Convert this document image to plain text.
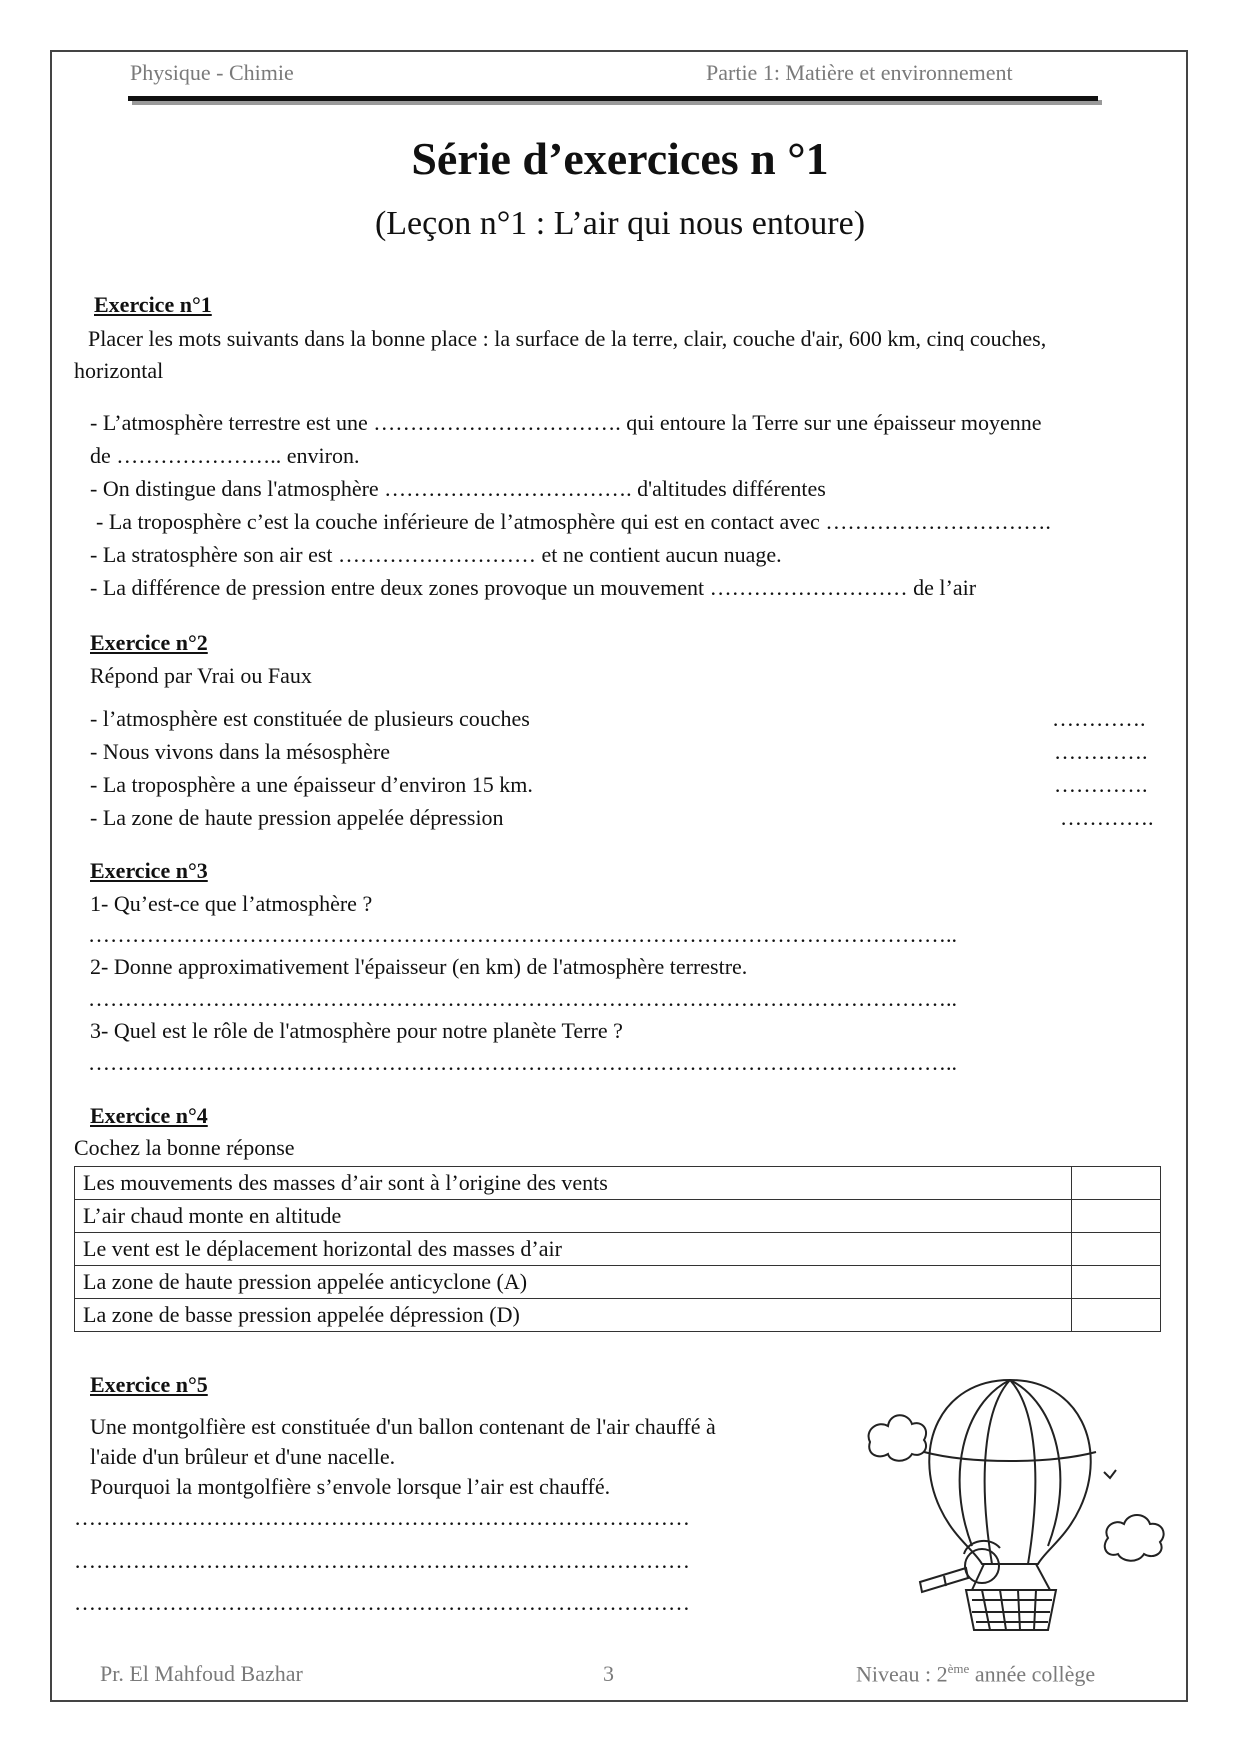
Physique - Chimie	Partie 1: Matière et environnement
Série d’exercices n °1
(Leçon n°1 : L’air qui nous entoure)
Exercice n°1
Placer les mots suivants dans la bonne place : la surface de la terre, clair, couche d'air, 600 km, cinq couches,
horizontal
- L’atmosphère terrestre est une ……………………………. qui entoure la Terre sur une épaisseur moyenne
de ………………….. environ.
- On distingue dans l'atmosphère ……………………………. d'altitudes différentes
- La troposphère c’est la couche inférieure de l’atmosphère qui est en contact avec ………………………….
- La stratosphère son air est ……………………… et ne contient aucun nuage.
- La différence de pression entre deux zones provoque un mouvement ……………………… de l’air
Exercice n°2
Répond par Vrai ou Faux
- l’atmosphère est constituée de plusieurs couches	………….
- Nous vivons dans la mésosphère	………….
- La troposphère a une épaisseur d’environ 15 km.	………….
- La zone de haute pression appelée dépression	………….
Exercice n°3
1- Qu’est-ce que l’atmosphère ?
………………………………………………………………………………………………………..
2- Donne approximativement l'épaisseur (en km) de l'atmosphère terrestre.
………………………………………………………………………………………………………..
3- Quel est le rôle de l'atmosphère pour notre planète Terre ?
………………………………………………………………………………………………………..
Exercice n°4
Cochez la bonne réponse
Les mouvements des masses d’air sont à l’origine des vents	
L’air chaud monte en altitude	
Le vent est le déplacement horizontal des masses d’air	
La zone de haute pression appelée anticyclone (A)	
La zone de basse pression appelée dépression (D)	
Exercice n°5
Une montgolfière est constituée d'un ballon contenant de l'air chauffé à
l'aide d'un brûleur et d'une nacelle.
Pourquoi la montgolfière s’envole lorsque l’air est chauffé.
…………………………………………………………………………
…………………………………………………………………………
…………………………………………………………………………
Pr. El Mahfoud Bazhar	3	Niveau : 2ème année collège
